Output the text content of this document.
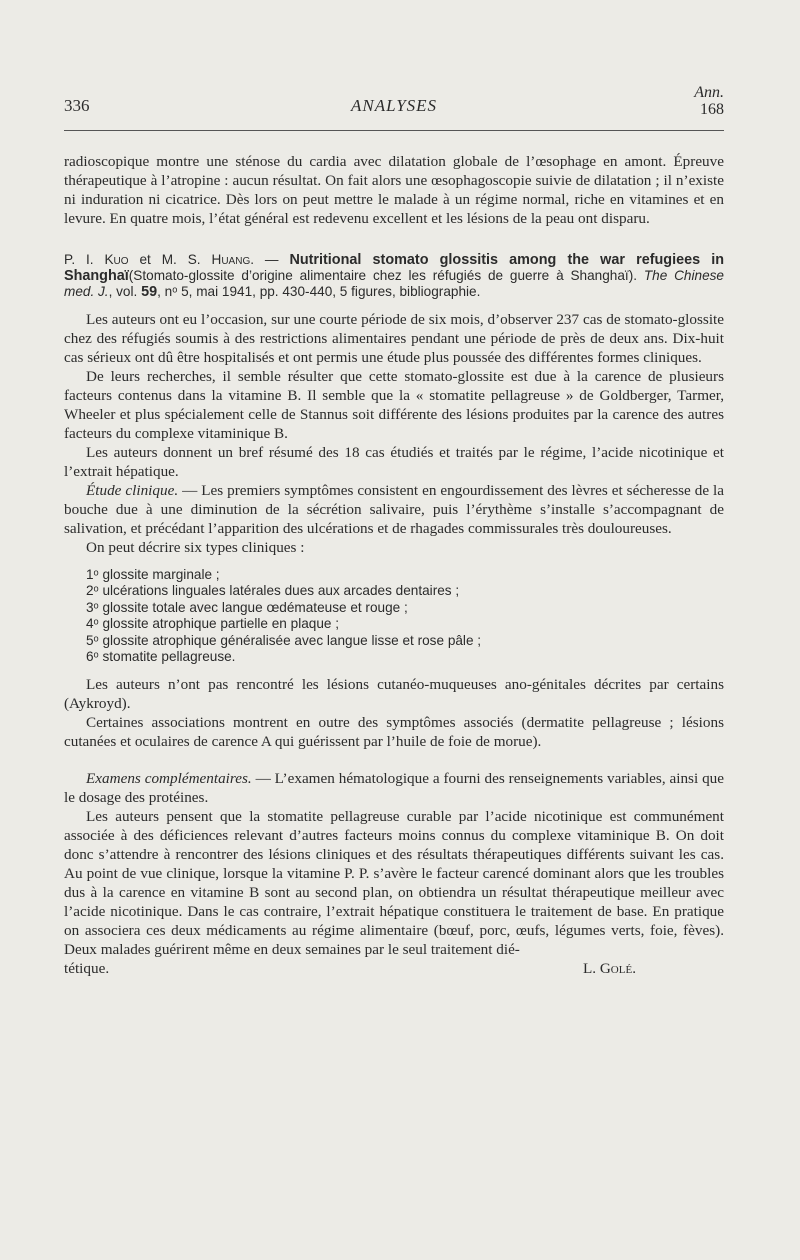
336	ANALYSES
Ann.
168

radioscopique montre une sténose du cardia avec dilatation globale de l’œsophage en amont. Épreuve thérapeutique à l’atropine : aucun résultat. On fait alors une œsophagoscopie suivie de dilatation ; il n’existe ni induration ni cicatrice. Dès lors on peut mettre le malade à un régime normal, riche en vitamines et en levure. En quatre mois, l’état général est redevenu excellent et les lésions de la peau ont disparu.

P. I. Kuo et M. S. Huang. — Nutritional stomato glossitis among the war refugiees in Shanghaï(Stomato-glossite d’origine alimentaire chez les réfugiés de guerre à Shanghaï). The Chinese med. J., vol. 59, nᵒ 5, mai 1941, pp. 430-440, 5 figures, bibliographie.

Les auteurs ont eu l’occasion, sur une courte période de six mois, d’observer 237 cas de stomato-glossite chez des réfugiés soumis à des restrictions alimentaires pendant une période de près de deux ans. Dix-huit cas sérieux ont dû être hospitalisés et ont permis une étude plus poussée des différentes formes cliniques.

De leurs recherches, il semble résulter que cette stomato-glossite est due à la carence de plusieurs facteurs contenus dans la vitamine B. Il semble que la « stomatite pellagreuse » de Goldberger, Tarmer, Wheeler et plus spécialement celle de Stannus soit différente des lésions produites par la carence des autres facteurs du complexe vitaminique B.

Les auteurs donnent un bref résumé des 18 cas étudiés et traités par le régime, l’acide nicotinique et l’extrait hépatique.

Étude clinique. — Les premiers symptômes consistent en engourdissement des lèvres et sécheresse de la bouche due à une diminution de la sécrétion salivaire, puis l’érythème s’installe s’accompagnant de salivation, et précédant l’apparition des ulcérations et de rhagades commissurales très douloureuses.

On peut décrire six types cliniques :

1ᵒ glossite marginale ;
2ᵒ ulcérations linguales latérales dues aux arcades dentaires ;
3ᵒ glossite totale avec langue œdémateuse et rouge ;
4ᵒ glossite atrophique partielle en plaque ;
5ᵒ glossite atrophique généralisée avec langue lisse et rose pâle ;
6ᵒ stomatite pellagreuse.

Les auteurs n’ont pas rencontré les lésions cutanéo-muqueuses ano-génitales décrites par certains (Aykroyd).

Certaines associations montrent en outre des symptômes associés (dermatite pellagreuse ; lésions cutanées et oculaires de carence A qui guérissent par l’huile de foie de morue).

Examens complémentaires. — L’examen hématologique a fourni des renseignements variables, ainsi que le dosage des protéines.

Les auteurs pensent que la stomatite pellagreuse curable par l’acide nicotinique est communément associée à des déficiences relevant d’autres facteurs moins connus du complexe vitaminique B. On doit donc s’attendre à rencontrer des lésions cliniques et des résultats thérapeutiques différents suivant les cas. Au point de vue clinique, lorsque la vitamine P. P. s’avère le facteur carencé dominant alors que les troubles dus à la carence en vitamine B sont au second plan, on obtiendra un résultat thérapeutique meilleur avec l’acide nicotinique. Dans le cas contraire, l’extrait hépatique constituera le traitement de base. En pratique on associera ces deux médicaments au régime alimentaire (bœuf, porc, œufs, légumes verts, foie, fèves). Deux malades guérirent même en deux semaines par le seul traitement dié-

tétique.	L. Golé.
